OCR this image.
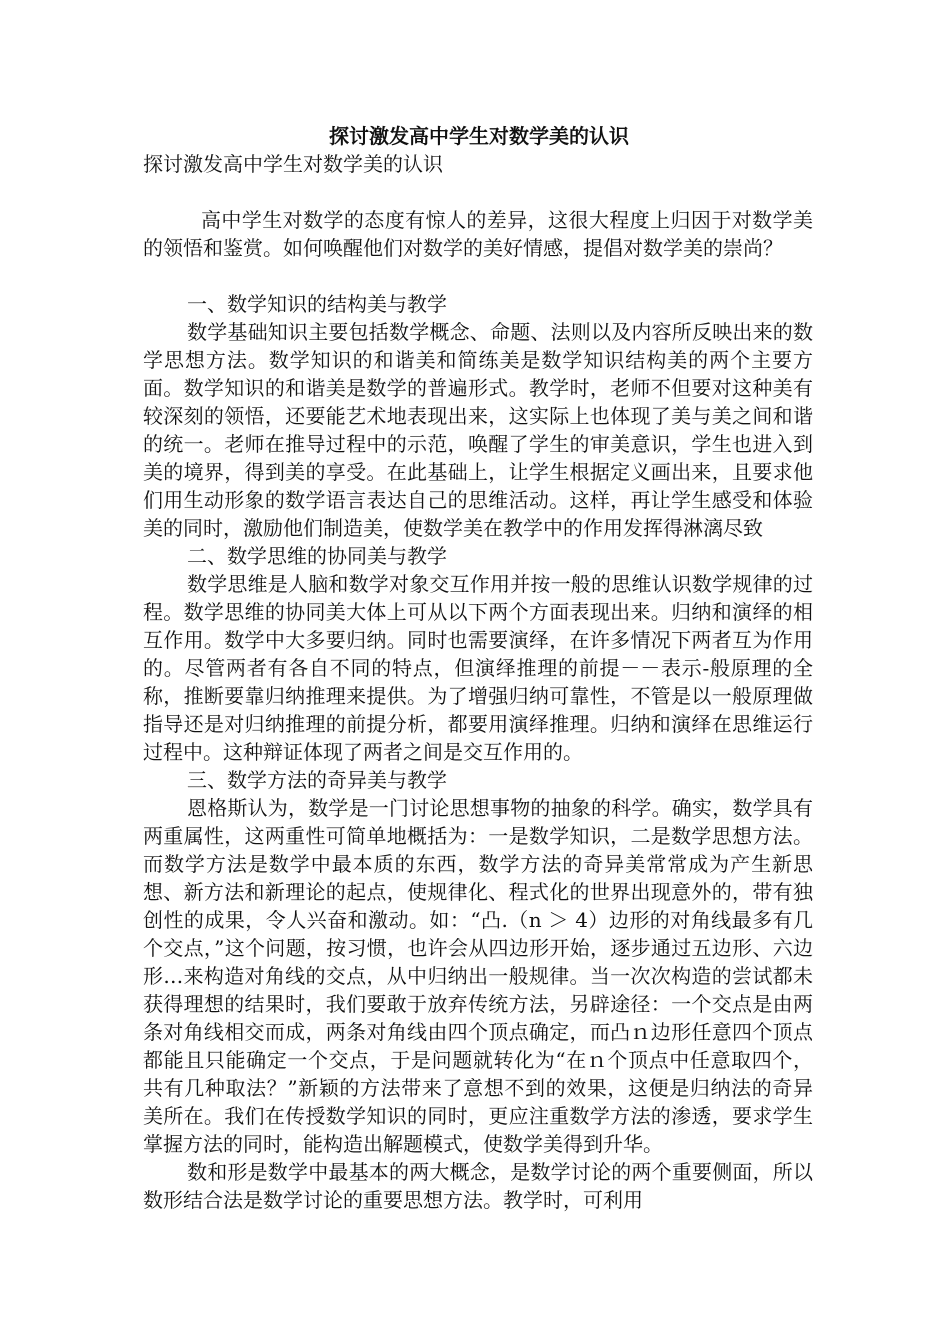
探讨激发高中学生对数学美的认识

探讨激发高中学生对数学美的认识

高中学生对数学的态度有惊人的差异，这很大程度上归因于对数学美的领悟和鉴赏。如何唤醒他们对数学的美好情感，提倡对数学美的崇尚？

一、数学知识的结构美与教学

数学基础知识主要包括数学概念、命题、法则以及内容所反映出来的数学思想方法。数学知识的和谐美和简练美是数学知识结构美的两个主要方面。数学知识的和谐美是数学的普遍形式。教学时，老师不但要对这种美有较深刻的领悟，还要能艺术地表现出来，这实际上也体现了美与美之间和谐的统一。老师在推导过程中的示范，唤醒了学生的审美意识，学生也进入到美的境界，得到美的享受。在此基础上，让学生根据定义画出来，且要求他们用生动形象的数学语言表达自己的思维活动。这样，再让学生感受和体验美的同时，激励他们制造美，使数学美在教学中的作用发挥得淋漓尽致

二、数学思维的协同美与教学

数学思维是人脑和数学对象交互作用并按一般的思维认识数学规律的过程。数学思维的协同美大体上可从以下两个方面表现出来。归纳和演绎的相互作用。数学中大多要归纳。同时也需要演绎，在许多情况下两者互为作用的。尽管两者有各自不同的特点，但演绎推理的前提－－表示-般原理的全称，推断要靠归纳推理来提供。为了增强归纳可靠性，不管是以一般原理做指导还是对归纳推理的前提分析，都要用演绎推理。归纳和演绎在思维运行过程中。这种辩证体现了两者之间是交互作用的。

三、数学方法的奇异美与教学

恩格斯认为，数学是一门讨论思想事物的抽象的科学。确实，数学具有两重属性，这两重性可简单地概括为：一是数学知识，二是数学思想方法。而数学方法是数学中最本质的东西，数学方法的奇异美常常成为产生新思想、新方法和新理论的起点，使规律化、程式化的世界出现意外的，带有独创性的成果，令人兴奋和激动。如：“凸.（n ＞ 4）边形的对角线最多有几个交点，”这个问题，按习惯，也许会从四边形开始，逐步通过五边形、六边形…来构造对角线的交点，从中归纳出一般规律。当一次次构造的尝试都未获得理想的结果时，我们要敢于放弃传统方法，另辟途径：一个交点是由两条对角线相交而成，两条对角线由四个顶点确定，而凸ｎ边形任意四个顶点都能且只能确定一个交点，于是问题就转化为“在ｎ个顶点中任意取四个，共有几种取法？”新颖的方法带来了意想不到的效果，这便是归纳法的奇异美所在。我们在传授数学知识的同时，更应注重数学方法的渗透，要求学生掌握方法的同时，能构造出解题模式，使数学美得到升华。

数和形是数学中最基本的两大概念，是数学讨论的两个重要侧面，所以数形结合法是数学讨论的重要思想方法。教学时，可利用
